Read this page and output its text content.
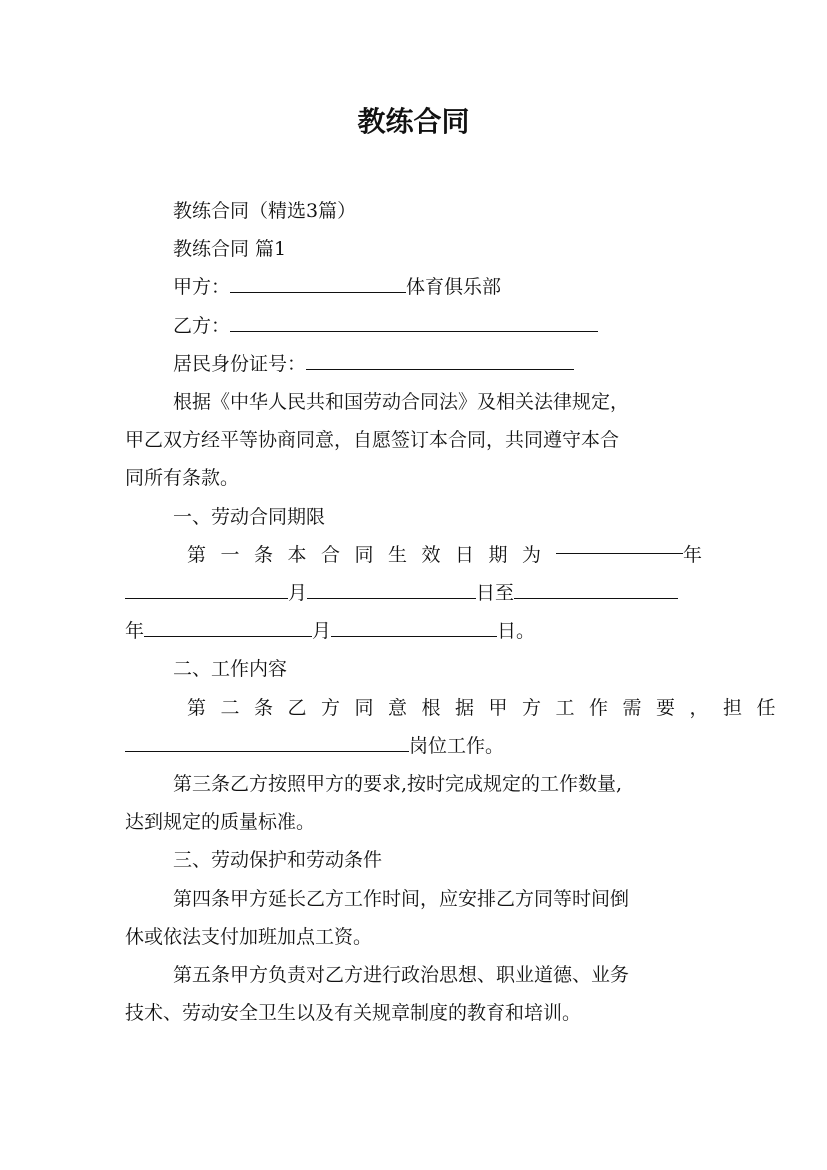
教练合同

教练合同（精选3篇）

教练合同 篇1

甲方：	体育俱乐部

乙方：

居民身份证号：

根据《中华人民共和国劳动合同法》及相关法律规定，

甲乙双方经平等协商同意，自愿签订本合同，共同遵守本合

同所有条款。

一、劳动合同期限

第一条本合同生效日期为	年

月	日至

年	月	日。

二、工作内容

第二条乙方同意根据甲方工作需要，担任

岗位工作。

第三条乙方按照甲方的要求,按时完成规定的工作数量,

达到规定的质量标准。

三、劳动保护和劳动条件

第四条甲方延长乙方工作时间，应安排乙方同等时间倒

休或依法支付加班加点工资。

第五条甲方负责对乙方进行政治思想、职业道德、业务

技术、劳动安全卫生以及有关规章制度的教育和培训。
